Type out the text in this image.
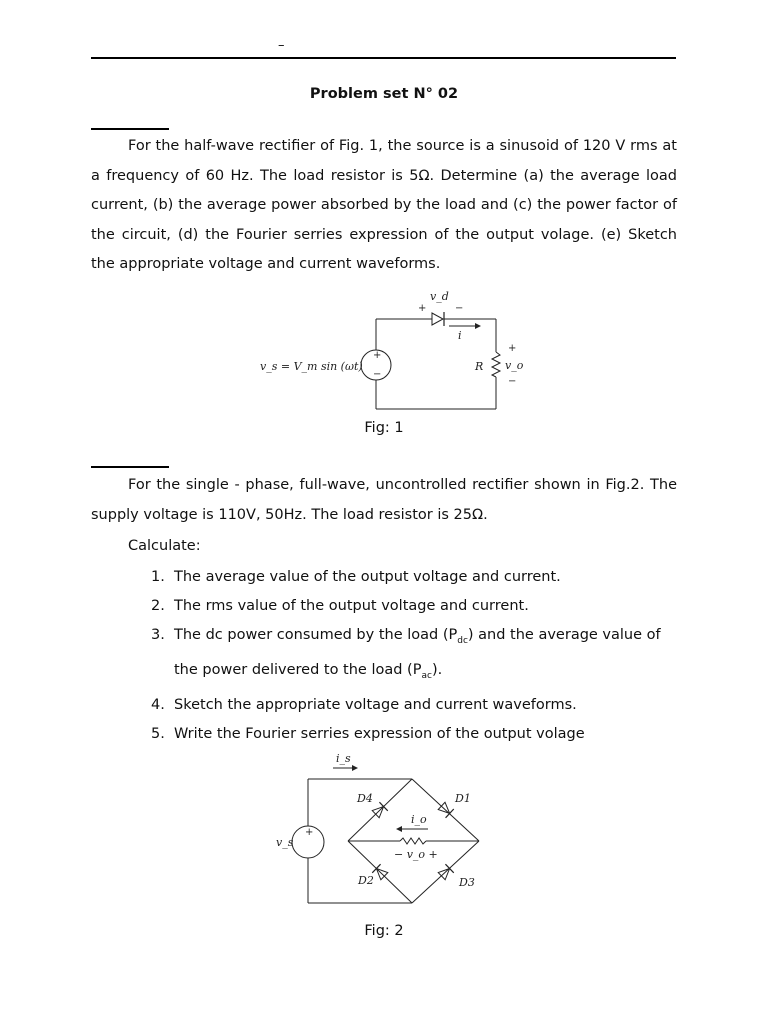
–
Problem set N° 02

For the half-wave rectifier of Fig. 1, the source is a sinusoid of 120 V rms at a frequency of 60 Hz. The load resistor is 5Ω. Determine (a) the average load current, (b) the average power absorbed by the load and (c) the power factor of the circuit, (d) the Fourier serries expression of the output volage. (e) Sketch the appropriate voltage and current waveforms.

+
−
v_s = V_m sin (ωt)
v_d
+	−
i
R
+
v_o
−
+
v_s
i_s
D4	D1
D2	D3
i_o
− v_o +
Fig: 1

For the single - phase, full-wave, uncontrolled rectifier shown in Fig.2. The supply voltage is 110V, 50Hz. The load resistor is 25Ω.

Calculate:
1. The average value of the output voltage and current.
2. The rms value of the output voltage and current.
3. The dc power consumed by the load $(P_{dc})$ and the average value of the power delivered to the load $(P_{ac})$.
4. Sketch the appropriate voltage and current waveforms.
5. Write the Fourier serries expression of the output volage
Fig: 2
